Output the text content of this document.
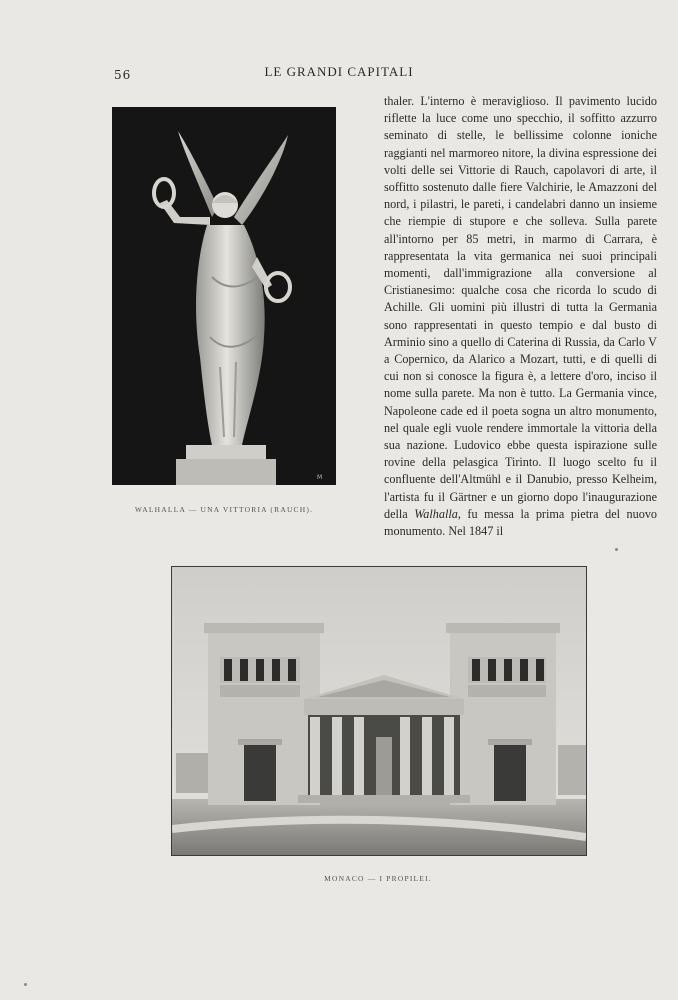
56	LE GRANDI CAPITALI
M
WALHALLA — UNA VITTORIA (RAUCH).
thaler. L'interno è meraviglioso. Il pavimento lucido riflette la luce come uno specchio, il soffitto azzurro seminato di stelle, le bellissime colonne ioniche raggianti nel marmoreo nitore, la divina espressione dei volti delle sei Vittorie di Rauch, capolavori di arte, il soffitto sostenuto dalle fiere Valchirie, le Amazzoni del nord, i pilastri, le pareti, i candelabri danno un insieme che riempie di stupore e che solleva. Sulla parete all'intorno per 85 metri, in marmo di Carrara, è rappresentata la vita germanica nei suoi principali momenti, dall'immigrazione alla conversione al Cristianesimo: qualche cosa che ricorda lo scudo di Achille. Gli uomini più illustri di tutta la Germania sono rappresentati in questo tempio e dal busto di Arminio sino a quello di Caterina di Russia, da Carlo V a Copernico, da Alarico a Mozart, tutti, e di quelli di cui non si conosce la figura è, a lettere d'oro, inciso il nome sulla parete. Ma non è tutto. La Germania vince, Napoleone cade ed il poeta sogna un altro monumento, nel quale egli vuole rendere immortale la vittoria della sua nazione. Ludovico ebbe questa ispirazione sulle rovine della pelasgica Tirinto. Il luogo scelto fu il confluente dell'Altmühl e il Danubio, presso Kelheim, l'artista fu il Gärtner e un giorno dopo l'inaugurazione della Walhalla, fu messa la prima pietra del nuovo monumento. Nel 1847 il
MONACO — I PROPILEI.
